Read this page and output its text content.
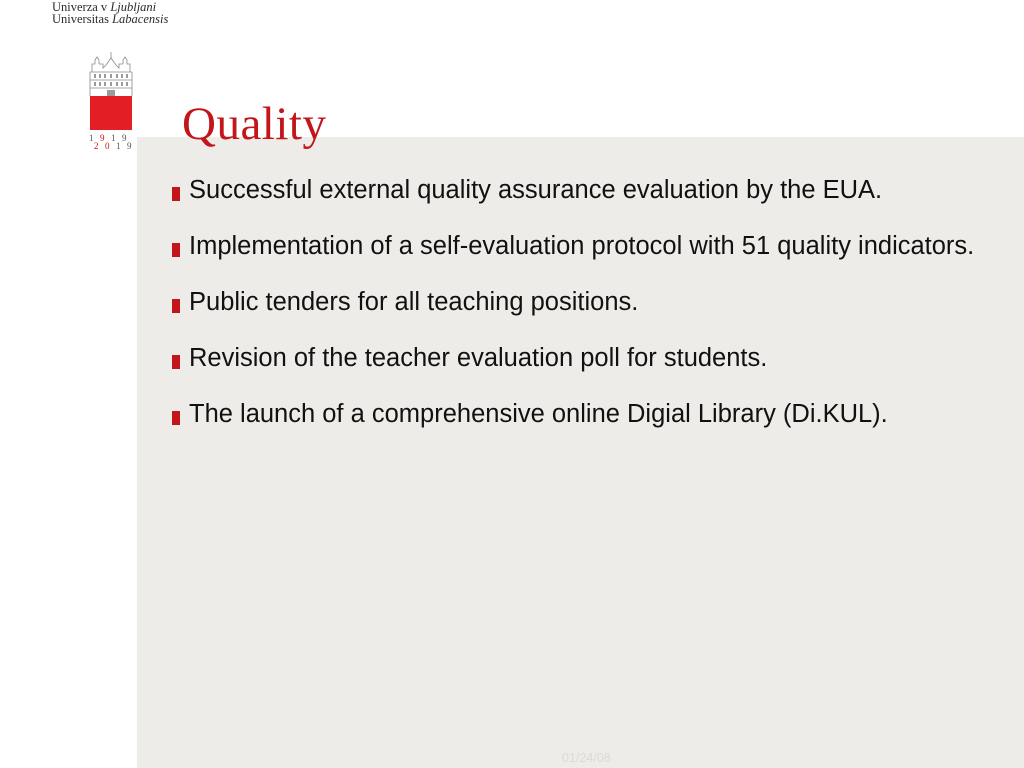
Univerza v Ljubljani
Universitas Labacensis
1 9 1 9
2 0 1 9 Quality
Successful external quality assurance evaluation by the EUA.
Implementation of a self-evaluation protocol with 51 quality indicators.
Public tenders for all teaching positions.
Revision of the teacher evaluation poll for students.
The launch of a comprehensive online Digial Library (Di.KUL).
01/24/08
